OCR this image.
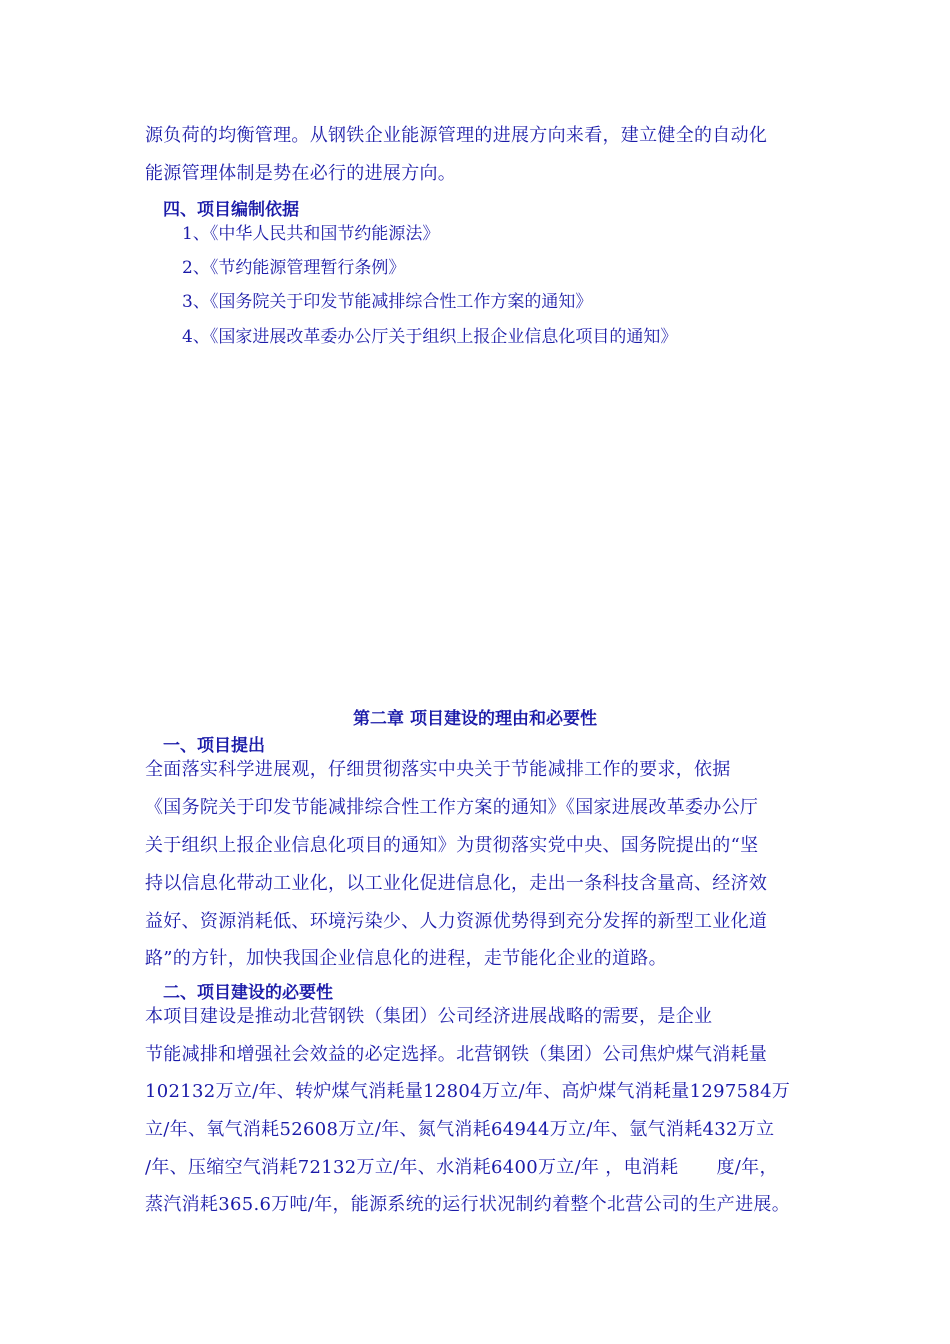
源负荷的均衡管理。从钢铁企业能源管理的进展方向来看，建立健全的自动化
能源管理体制是势在必行的进展方向。
四、项目编制依据
1、《中华人民共和国节约能源法》
2、《节约能源管理暂行条例》
3、《国务院关于印发节能减排综合性工作方案的通知》
4、《国家进展改革委办公厅关于组织上报企业信息化项目的通知》
第二章 项目建设的理由和必要性
一、项目提出
全面落实科学进展观，仔细贯彻落实中央关于节能减排工作的要求，依据
《国务院关于印发节能减排综合性工作方案的通知》《国家进展改革委办公厅
关于组织上报企业信息化项目的通知》为贯彻落实党中央、国务院提出的“坚
持以信息化带动工业化，以工业化促进信息化，走出一条科技含量高、经济效
益好、资源消耗低、环境污染少、人力资源优势得到充分发挥的新型工业化道
路”的方针，加快我国企业信息化的进程，走节能化企业的道路。
二、项目建设的必要性
本项目建设是推动北营钢铁（集团）公司经济进展战略的需要，是企业
节能减排和增强社会效益的必定选择。北营钢铁（集团）公司焦炉煤气消耗量
102132万立/年、转炉煤气消耗量12804万立/年、高炉煤气消耗量1297584万
立/年、氧气消耗52608万立/年、氮气消耗64944万立/年、氩气消耗432万立
/年、压缩空气消耗72132万立/年、水消耗6400万立/年 ，电消耗 度/年，
蒸汽消耗365.6万吨/年，能源系统的运行状况制约着整个北营公司的生产进展。
